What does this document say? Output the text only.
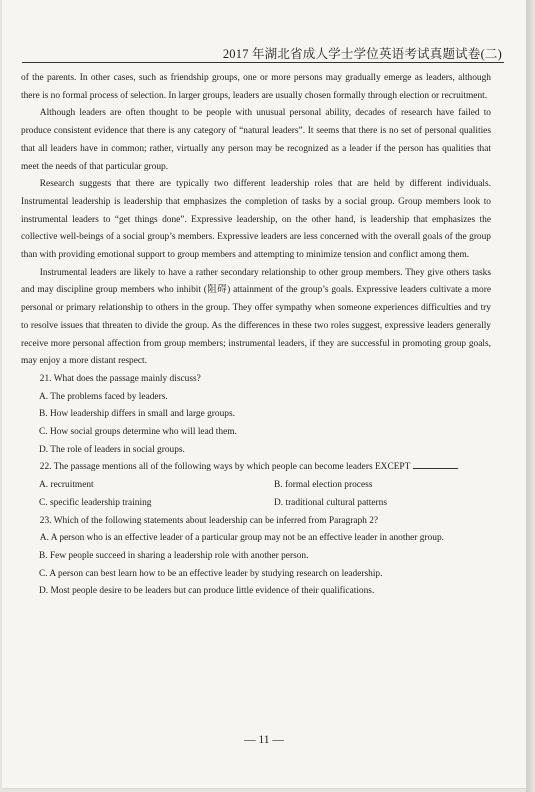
2017 年湖北省成人学士学位英语考试真题试卷(二)

of the parents. In other cases, such as friendship groups, one or more persons may gradually emerge as leaders, although there is no formal process of selection. In larger groups, leaders are usually chosen formally through election or recruitment.

Although leaders are often thought to be people with unusual personal ability, decades of research have failed to produce consistent evidence that there is any category of “natural leaders”. It seems that there is no set of personal qualities that all leaders have in common; rather, virtually any person may be recognized as a leader if the person has qualities that meet the needs of that particular group.

Research suggests that there are typically two different leadership roles that are held by different individuals. Instrumental leadership is leadership that emphasizes the completion of tasks by a social group. Group members look to instrumental leaders to “get things done”. Expressive leadership, on the other hand, is leadership that emphasizes the collective well-beings of a social group’s members. Expressive leaders are less concerned with the overall goals of the group than with providing emotional support to group members and attempting to minimize tension and conflict among them.

Instrumental leaders are likely to have a rather secondary relationship to other group members. They give others tasks and may discipline group members who inhibit (阻碍) attainment of the group’s goals. Expressive leaders cultivate a more personal or primary relationship to others in the group. They offer sympathy when someone experiences difficulties and try to resolve issues that threaten to divide the group. As the differences in these two roles suggest, expressive leaders generally receive more personal affection from group members; instrumental leaders, if they are successful in promoting group goals, may enjoy a more distant respect.

21. What does the passage mainly discuss?

A. The problems faced by leaders.

B. How leadership differs in small and large groups.

C. How social groups determine who will lead them.

D. The role of leaders in social groups.

22. The passage mentions all of the following ways by which people can become leaders EXCEPT	.

A. recruitment	B. formal election process
C. specific leadership training	D. traditional cultural patterns

23. Which of the following statements about leadership can be inferred from Paragraph 2?

A. A person who is an effective leader of a particular group may not be an effective leader in another group.

B. Few people succeed in sharing a leadership role with another person.

C. A person can best learn how to be an effective leader by studying research on leadership.

D. Most people desire to be leaders but can produce little evidence of their qualifications.

— 11 —
